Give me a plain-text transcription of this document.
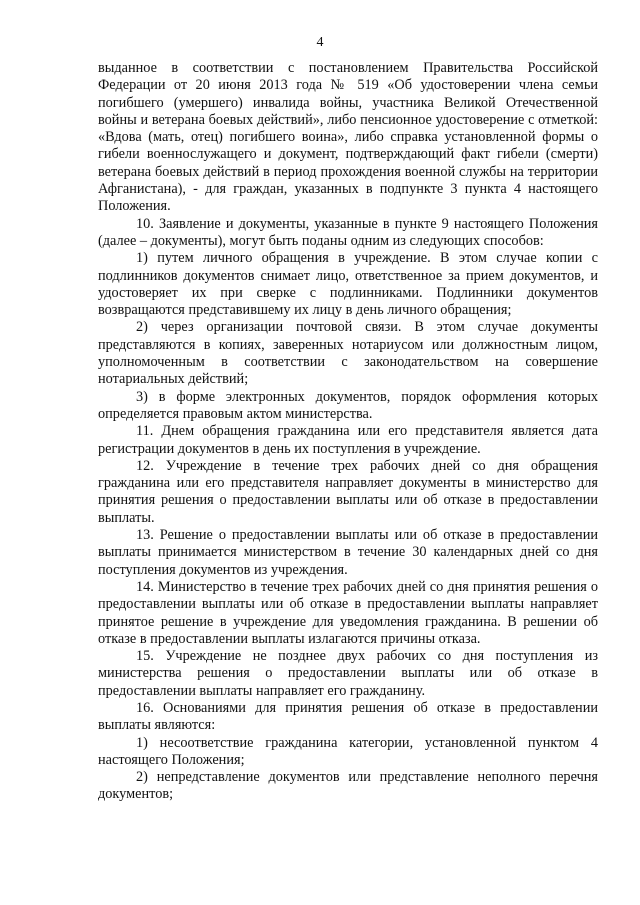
4

выданное в соответствии с постановлением Правительства Российской Федерации от 20 июня 2013 года № 519 «Об удостоверении члена семьи погибшего (умершего) инвалида войны, участника Великой Отечественной войны и ветерана боевых действий», либо пенсионное удостоверение с отметкой: «Вдова (мать, отец) погибшего воина», либо справка установленной формы о гибели военнослужащего и документ, подтверждающий факт гибели (смерти) ветерана боевых действий в период прохождения военной службы на территории Афганистана), - для граждан, указанных в подпункте 3 пункта 4 настоящего Положения.

10. Заявление и документы, указанные в пункте 9 настоящего Положения (далее – документы), могут быть поданы одним из следующих способов:

1) путем личного обращения в учреждение. В этом случае копии с подлинников документов снимает лицо, ответственное за прием документов, и удостоверяет их при сверке с подлинниками. Подлинники документов возвращаются представившему их лицу в день личного обращения;

2) через организации почтовой связи. В этом случае документы представляются в копиях, заверенных нотариусом или должностным лицом, уполномоченным в соответствии с законодательством на совершение нотариальных действий;

3) в форме электронных документов, порядок оформления которых определяется правовым актом министерства.

11. Днем обращения гражданина или его представителя является дата регистрации документов в день их поступления в учреждение.

12. Учреждение в течение трех рабочих дней со дня обращения гражданина или его представителя направляет документы в министерство для принятия решения о предоставлении выплаты или об отказе в предоставлении выплаты.

13. Решение о предоставлении выплаты или об отказе в предоставлении выплаты принимается министерством в течение 30 календарных дней со дня поступления документов из учреждения.

14. Министерство в течение трех рабочих дней со дня принятия решения о предоставлении выплаты или об отказе в предоставлении выплаты направляет принятое решение в учреждение для уведомления гражданина. В решении об отказе в предоставлении выплаты излагаются причины отказа.

15. Учреждение не позднее двух рабочих со дня поступления из министерства решения о предоставлении выплаты или об отказе в предоставлении выплаты направляет его гражданину.

16. Основаниями для принятия решения об отказе в предоставлении выплаты являются:

1) несоответствие гражданина категории, установленной пунктом 4 настоящего Положения;

2) непредставление документов или представление неполного перечня документов;
